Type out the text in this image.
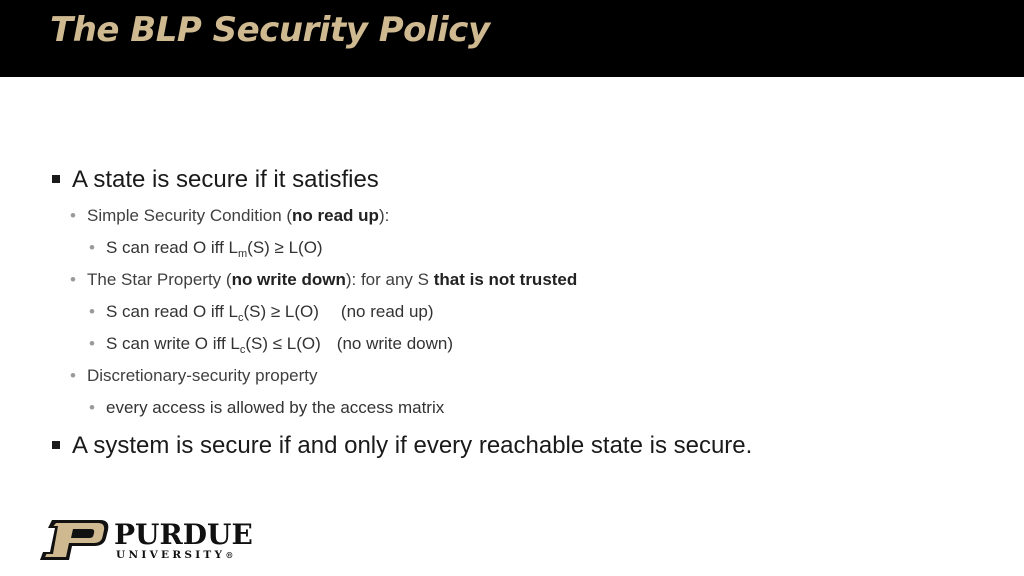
The BLP Security Policy
A state is secure if it satisfies
• Simple Security Condition (no read up):
• S can read O iff $L_m(S) \ge L(O)$
• The Star Property (no write down): for any S that is not trusted
• S can read O iff $L_c(S) \ge L(O)$ (no read up)
• S can write O iff $L_c(S) \le L(O)$ (no write down)
• Discretionary-security property
• every access is allowed by the access matrix
A system is secure if and only if every reachable state is secure.
PURDUE
UNIVERSITY®
